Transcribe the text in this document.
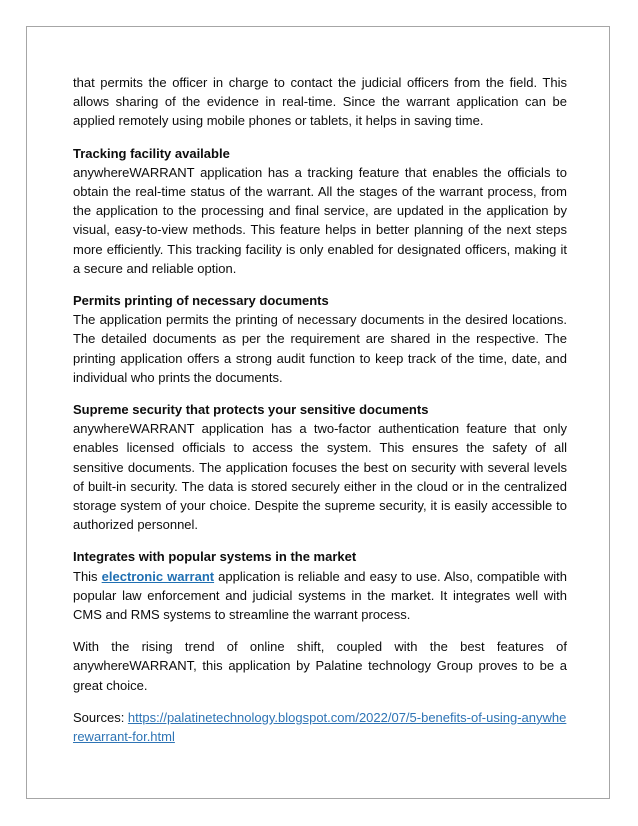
that permits the officer in charge to contact the judicial officers from the field. This allows sharing of the evidence in real-time. Since the warrant application can be applied remotely using mobile phones or tablets, it helps in saving time.

Tracking facility available

anywhereWARRANT application has a tracking feature that enables the officials to obtain the real-time status of the warrant. All the stages of the warrant process, from the application to the processing and final service, are updated in the application by visual, easy-to-view methods. This feature helps in better planning of the next steps more efficiently. This tracking facility is only enabled for designated officers, making it a secure and reliable option.

Permits printing of necessary documents

The application permits the printing of necessary documents in the desired locations. The detailed documents as per the requirement are shared in the respective. The printing application offers a strong audit function to keep track of the time, date, and individual who prints the documents.

Supreme security that protects your sensitive documents

anywhereWARRANT application has a two-factor authentication feature that only enables licensed officials to access the system. This ensures the safety of all sensitive documents. The application focuses the best on security with several levels of built-in security. The data is stored securely either in the cloud or in the centralized storage system of your choice. Despite the supreme security, it is easily accessible to authorized personnel.

Integrates with popular systems in the market

This electronic warrant application is reliable and easy to use. Also, compatible with popular law enforcement and judicial systems in the market. It integrates well with CMS and RMS systems to streamline the warrant process.

With the rising trend of online shift, coupled with the best features of anywhereWARRANT, this application by Palatine technology Group proves to be a great choice.

Sources: https://palatinetechnology.blogspot.com/2022/07/5-benefits-of-using-anywherewarrant-for.html
